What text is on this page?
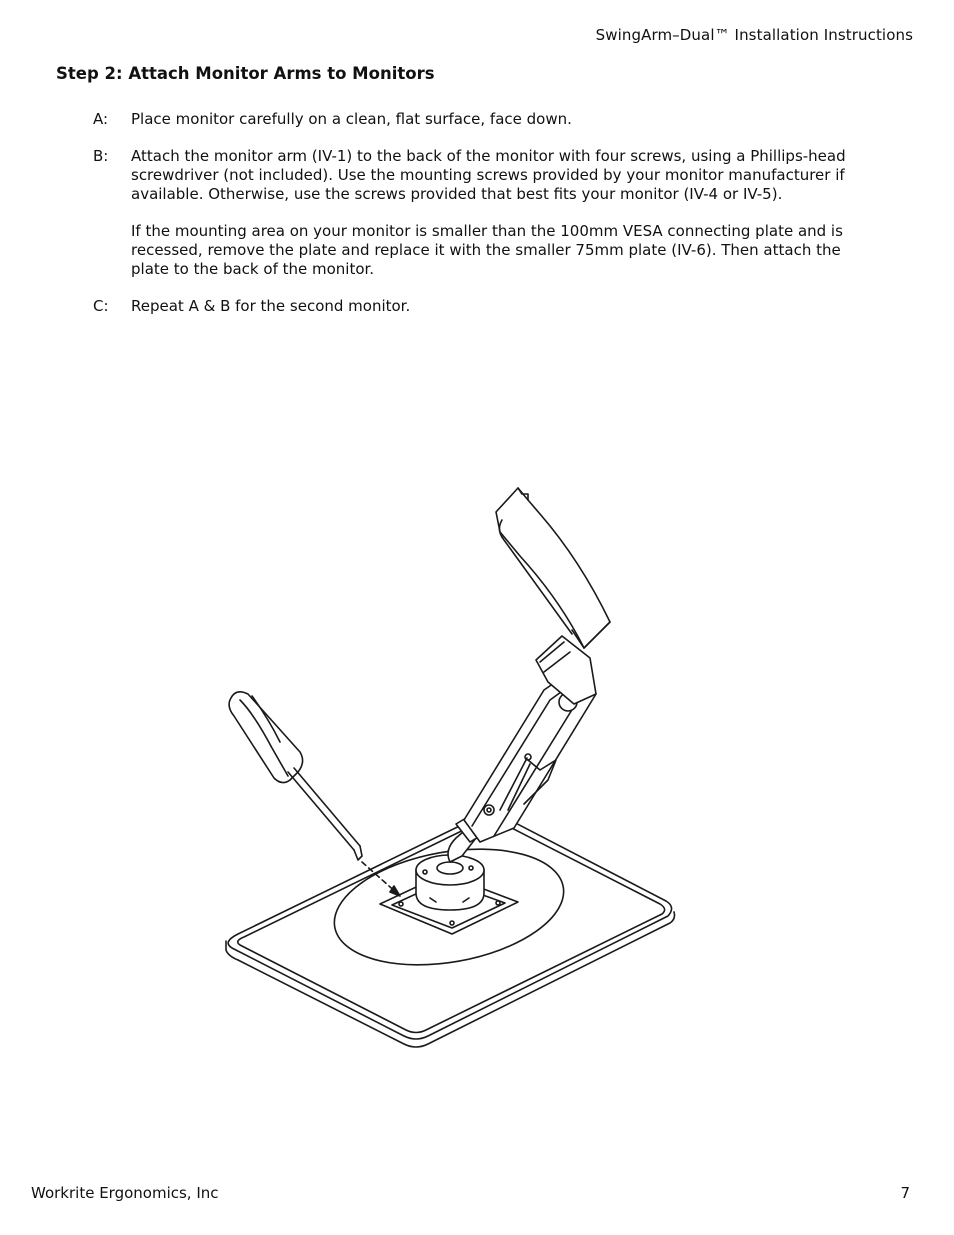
SwingArm–Dual™ Installation Instructions
Step 2: Attach Monitor Arms to Monitors
A:	Place monitor carefully on a clean, flat surface, face down.

B:	Attach the monitor arm (IV-1) to the back of the monitor with four screws, using a Phillips-head screwdriver (not included). Use the mounting screws provided by your monitor manufacturer if available. Otherwise, use the screws provided that best fits your monitor (IV-4 or IV-5).

If the mounting area on your monitor is smaller than the 100mm VESA connecting plate and is recessed, remove the plate and replace it with the smaller 75mm plate (IV-6). Then attach the plate to the back of the monitor.

C:	Repeat A & B for the second monitor.

Workrite Ergonomics, Inc	7
